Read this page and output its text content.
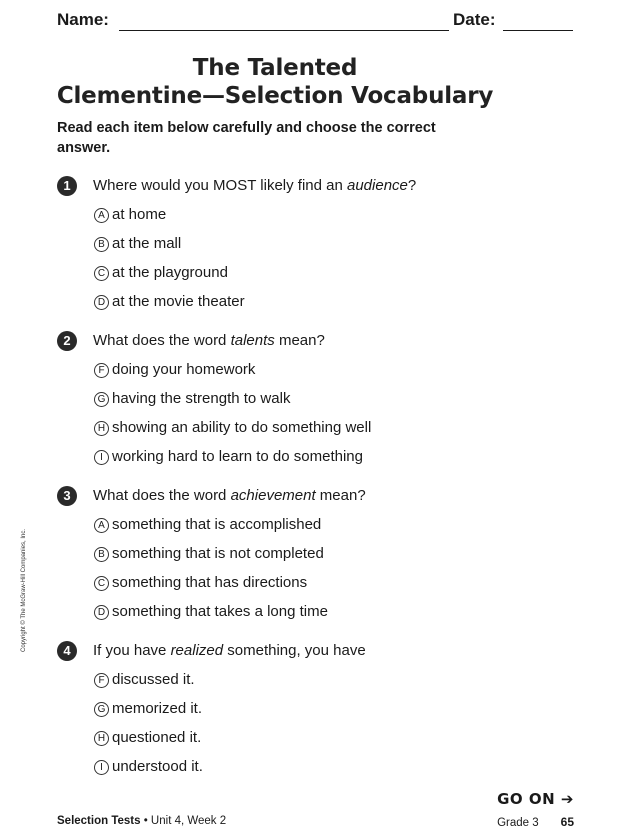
Name:	Date:
The Talented
Clementine—Selection Vocabulary
Read each item below carefully and choose the correct answer.
1	Where would you MOST likely find an audience?
A at home
B at the mall
C at the playground
D at the movie theater
2	What does the word talents mean?
F doing your homework
G having the strength to walk
H showing an ability to do something well
I working hard to learn to do something
3	What does the word achievement mean?
A something that is accomplished
B something that is not completed
C something that has directions
D something that takes a long time
4	If you have realized something, you have
F discussed it.
G memorized it.
H questioned it.
I understood it.
Copyright © The McGraw-Hill Companies, Inc.
GO ON ➔
Selection Tests • Unit 4, Week 2	Grade 3 65
